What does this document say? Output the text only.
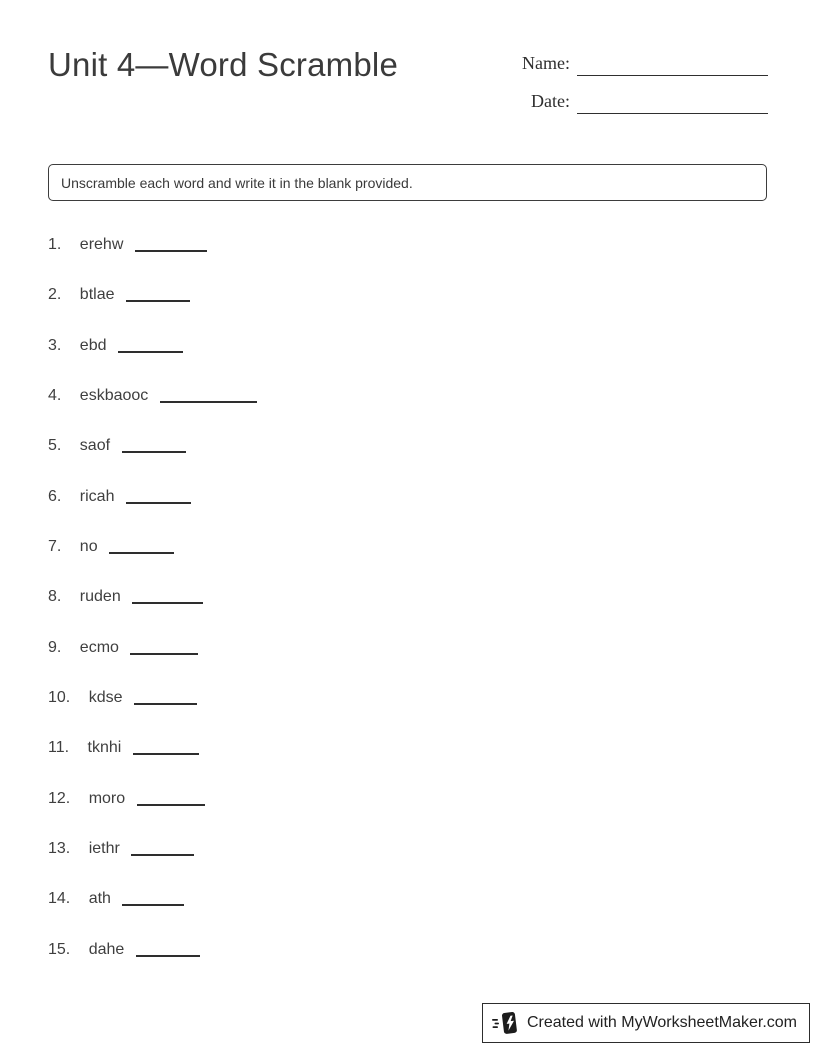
Unit 4—Word Scramble	Name:
Date:
Unscramble each word and write it in the blank provided.
1. erehw
2. btlae
3. ebd
4. eskbaooc
5. saof
6. ricah
7. no
8. ruden
9. ecmo
10. kdse
11. tknhi
12. moro
13. iethr
14. ath
15. dahe
Created with MyWorksheetMaker.com
